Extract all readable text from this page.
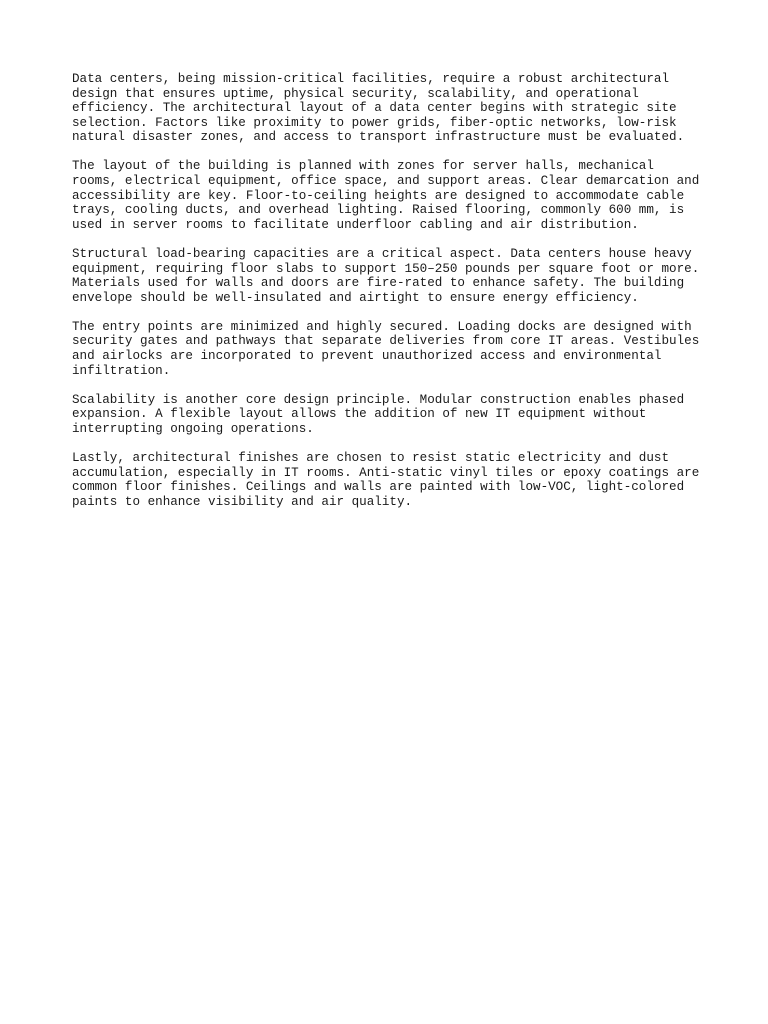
Data centers, being mission-critical facilities, require a robust architectural
design that ensures uptime, physical security, scalability, and operational
efficiency. The architectural layout of a data center begins with strategic site
selection. Factors like proximity to power grids, fiber-optic networks, low-risk
natural disaster zones, and access to transport infrastructure must be evaluated.

The layout of the building is planned with zones for server halls, mechanical
rooms, electrical equipment, office space, and support areas. Clear demarcation and
accessibility are key. Floor-to-ceiling heights are designed to accommodate cable
trays, cooling ducts, and overhead lighting. Raised flooring, commonly 600 mm, is
used in server rooms to facilitate underfloor cabling and air distribution.

Structural load-bearing capacities are a critical aspect. Data centers house heavy
equipment, requiring floor slabs to support 150–250 pounds per square foot or more.
Materials used for walls and doors are fire-rated to enhance safety. The building
envelope should be well-insulated and airtight to ensure energy efficiency.

The entry points are minimized and highly secured. Loading docks are designed with
security gates and pathways that separate deliveries from core IT areas. Vestibules
and airlocks are incorporated to prevent unauthorized access and environmental
infiltration.

Scalability is another core design principle. Modular construction enables phased
expansion. A flexible layout allows the addition of new IT equipment without
interrupting ongoing operations.

Lastly, architectural finishes are chosen to resist static electricity and dust
accumulation, especially in IT rooms. Anti-static vinyl tiles or epoxy coatings are
common floor finishes. Ceilings and walls are painted with low-VOC, light-colored
paints to enhance visibility and air quality.
